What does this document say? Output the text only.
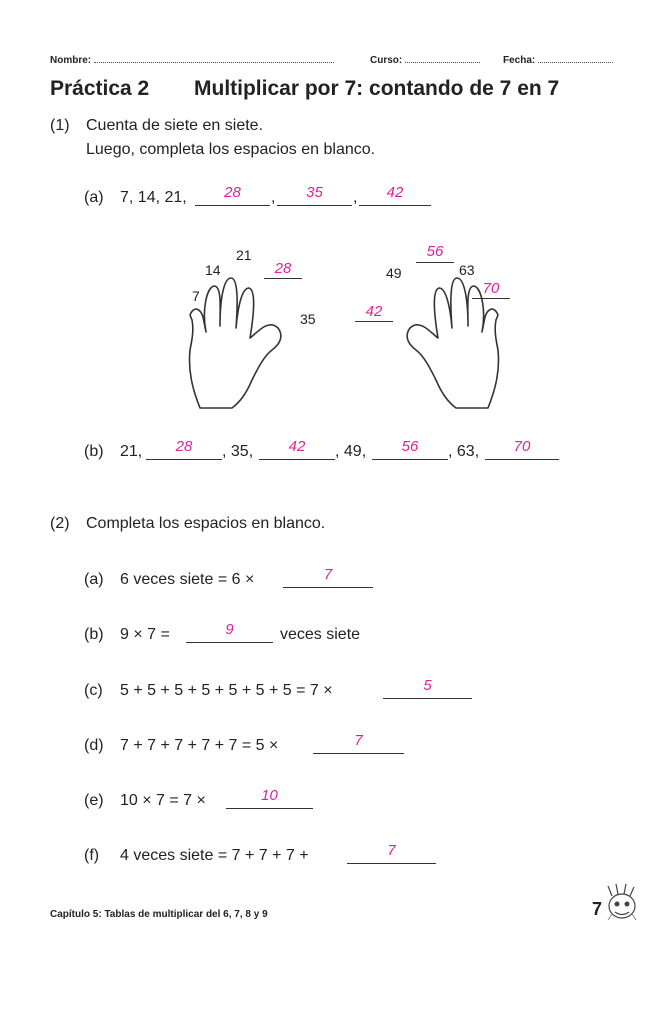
Nombre:	Curso:	Fecha:
Práctica 2 Multiplicar por 7: contando de 7 en 7
(1) Cuenta de siete en siete.
Luego, completa los espacios en blanco.
(a) 7, 14, 21,	28	,	35	,	42
7
14
21
28
35	42
49
56
63
70
(b) 21,	28	, 35,	42	, 49,	56	, 63,	70
(2) Completa los espacios en blanco.
(a) 6 veces siete = 6 ×	7
(b) 9 × 7 =	9	veces siete
(c) 5 + 5 + 5 + 5 + 5 + 5 + 5 = 7 ×	5
(d) 7 + 7 + 7 + 7 + 7 = 5 ×	7
(e) 10 × 7 = 7 ×	10
(f) 4 veces siete = 7 + 7 + 7 +	7
Capítulo 5: Tablas de multiplicar del 6, 7, 8 y 9	7
